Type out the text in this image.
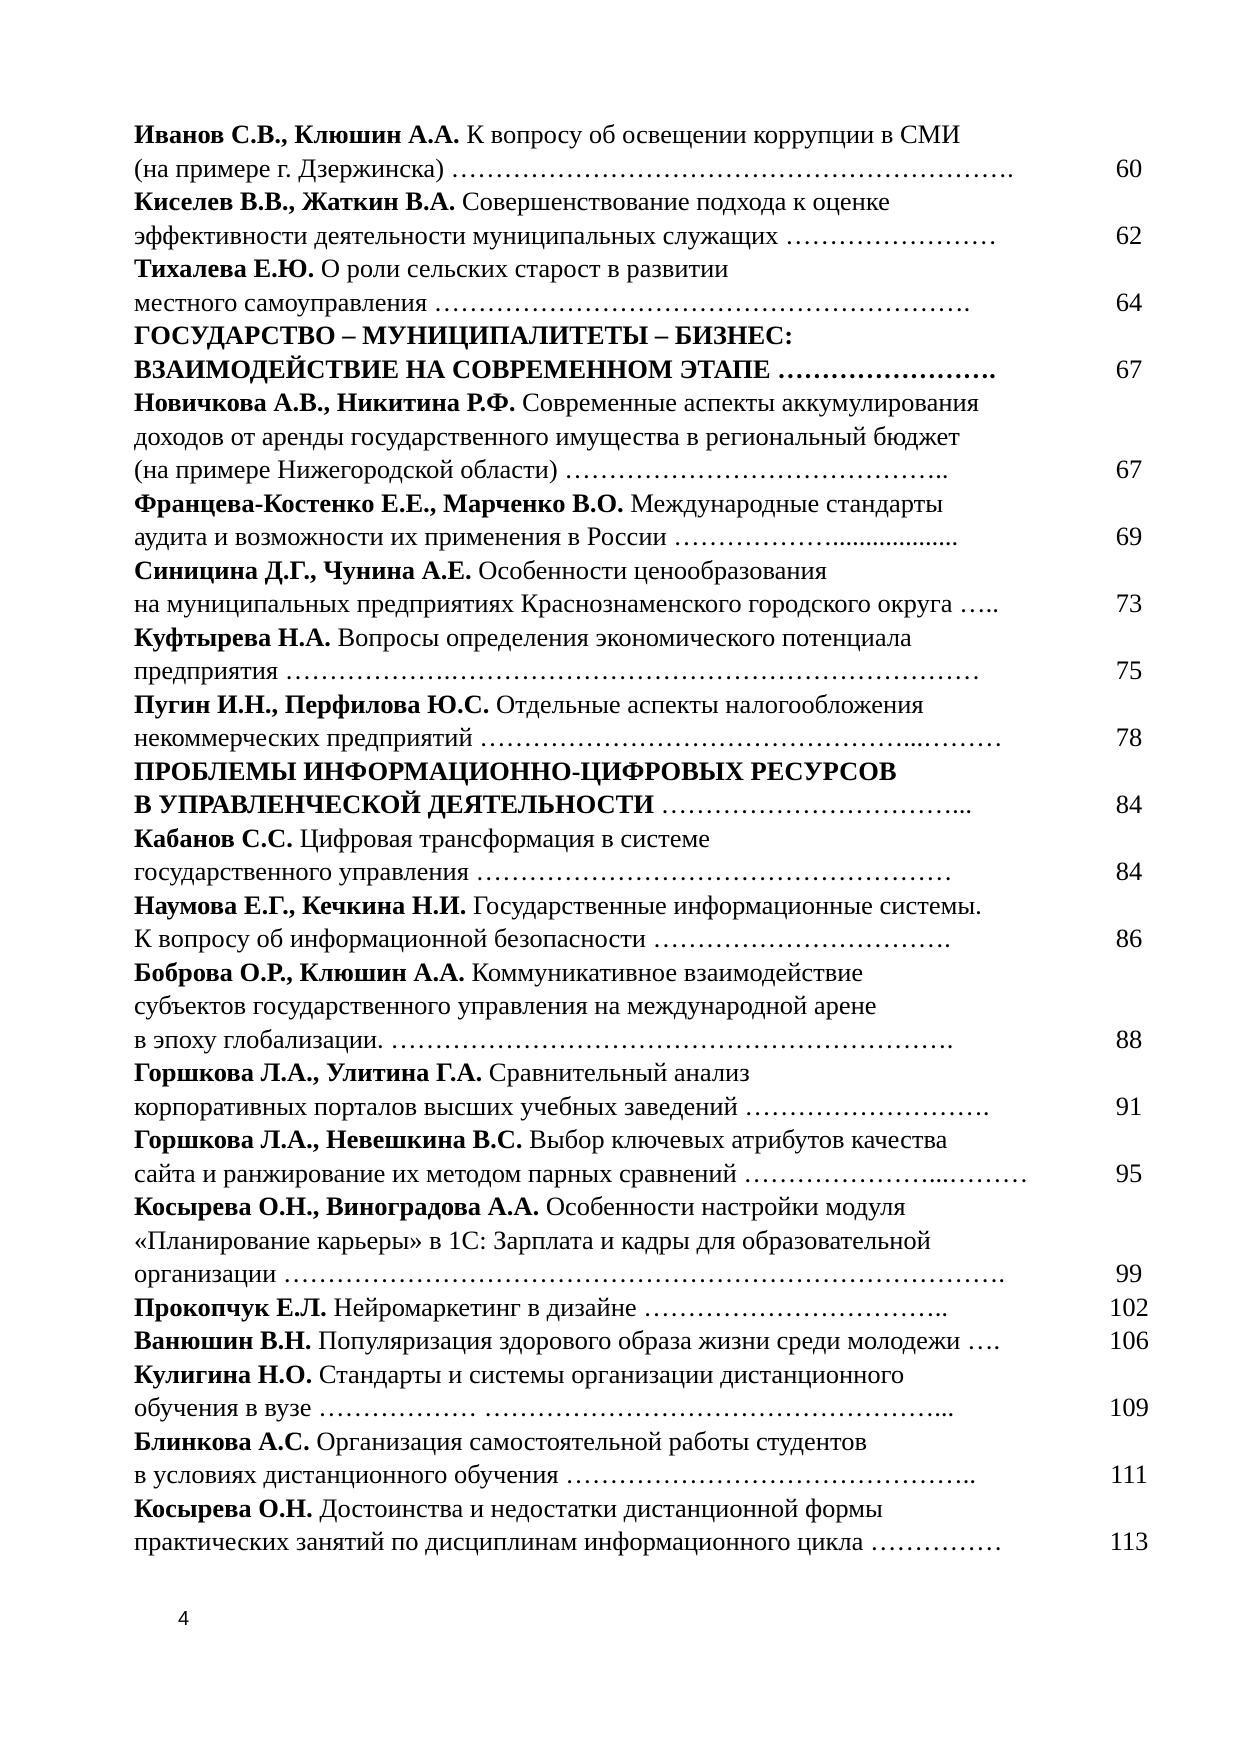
Иванов С.В., Клюшин А.А. К вопросу об освещении коррупции в СМИ
(на примере г. Дзержинска) ……………………………………………………….	60
Киселев В.В., Жаткин В.А. Совершенствование подхода к оценке
эффективности деятельности муниципальных служащих ……………………	62
Тихалева Е.Ю. О роли сельских старост в развитии
местного самоуправления …………………………………………………….	64
ГОСУДАРСТВО – МУНИЦИПАЛИТЕТЫ – БИЗНЕС:
ВЗАИМОДЕЙСТВИЕ НА СОВРЕМЕННОМ ЭТАПЕ …………………….	67
Новичкова А.В., Никитина Р.Ф. Современные аспекты аккумулирования
доходов от аренды государственного имущества в региональный бюджет
(на примере Нижегородской области) ……………………………………..	67
Францева-Костенко Е.Е., Марченко В.О. Международные стандарты
аудита и возможности их применения в России ………………...................	69
Синицина Д.Г., Чунина А.Е. Особенности ценообразования
на муниципальных предприятиях Краснознаменского городского округа …..	73
Куфтырева Н.А. Вопросы определения экономического потенциала
предприятия ……………….……………………………………………………	75
Пугин И.Н., Перфилова Ю.С. Отдельные аспекты налогообложения
некоммерческих предприятий …………………………………………...………	78
ПРОБЛЕМЫ ИНФОРМАЦИОННО-ЦИФРОВЫХ РЕСУРСОВ
В УПРАВЛЕНЧЕСКОЙ ДЕЯТЕЛЬНОСТИ ……………………………...	84
Кабанов С.С. Цифровая трансформация в системе
государственного управления ………………………………………………	84
Наумова Е.Г., Кечкина Н.И. Государственные информационные системы.
К вопросу об информационной безопасности …………………………….	86
Боброва О.Р., Клюшин А.А. Коммуникативное взаимодействие
субъектов государственного управления на международной арене
в эпоху глобализации. ……………………………………………………….	88
Горшкова Л.А., Улитина Г.А. Сравнительный анализ
корпоративных порталов высших учебных заведений ……………………….	91
Горшкова Л.А., Невешкина В.С. Выбор ключевых атрибутов качества
сайта и ранжирование их методом парных сравнений …………………...………	95
Косырева О.Н., Виноградова А.А. Особенности настройки модуля
«Планирование карьеры» в 1С: Зарплата и кадры для образовательной
организации ……………………………………………………………………….	99
Прокопчук Е.Л. Нейромаркетинг в дизайне ……………………………..	102
Ванюшин В.Н. Популяризация здорового образа жизни среди молодежи ….	106
Кулигина Н.О. Стандарты и системы организации дистанционного
обучения в вузе ……………… ……………………………………………...	109
Блинкова А.С. Организация самостоятельной работы студентов
в условиях дистанционного обучения ………………………………………..	111
Косырева О.Н. Достоинства и недостатки дистанционной формы
практических занятий по дисциплинам информационного цикла ……………	113
4
